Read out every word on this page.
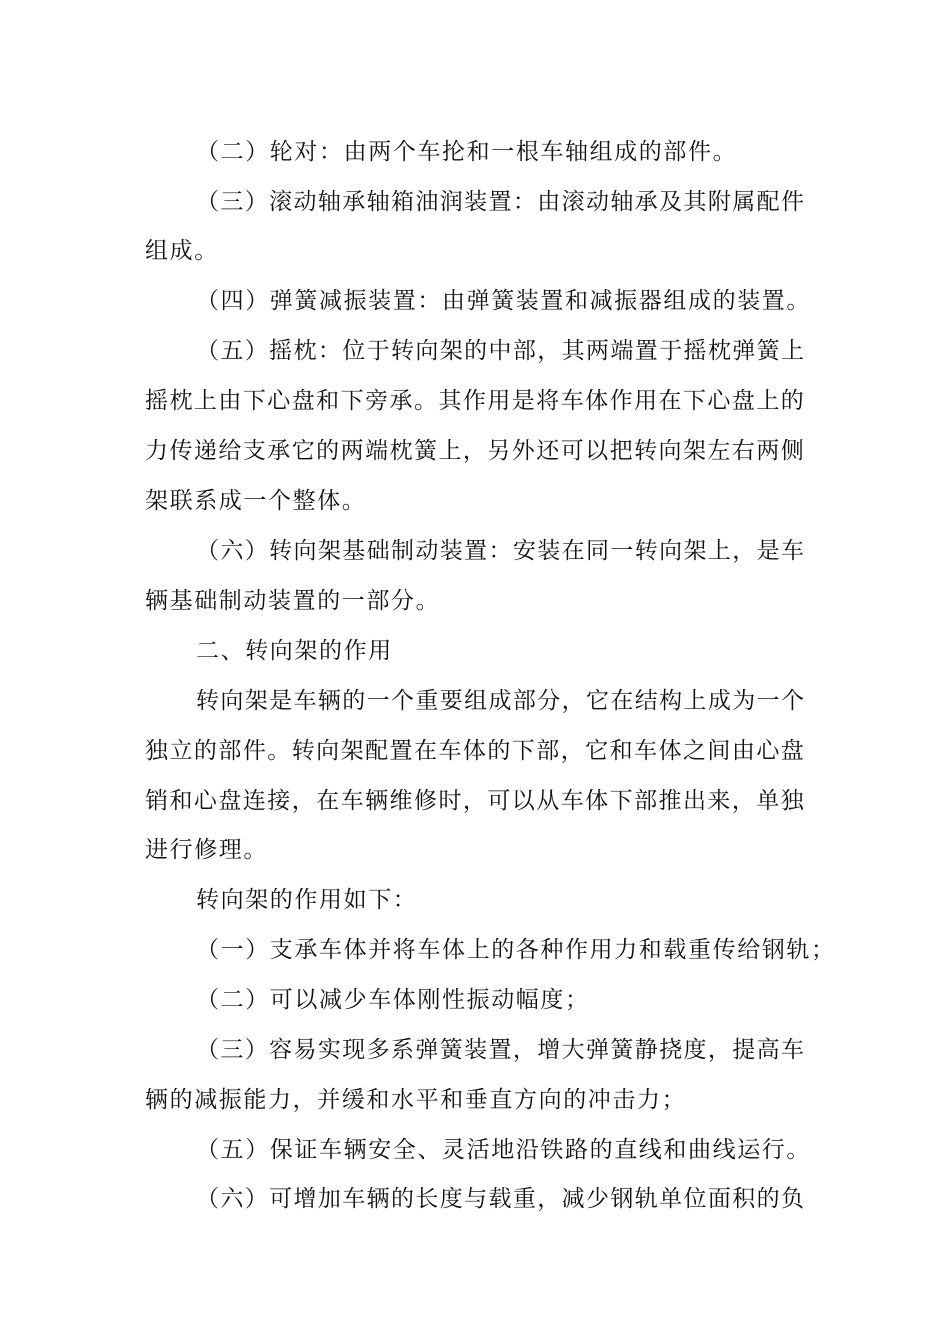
（二）轮对：由两个车抡和一根车轴组成的部件。
（ 三 ） 滚 动 轴 承 轴 箱 油 润 装 置 ： 由 滚 动 轴 承 及 其 附 属 配 件
组成。
（四）弹簧减振装置：由弹簧装置和减振器组成的装置。
（ 五 ） 摇 枕 ： 位 于 转 向 架 的 中 部 ， 其 两 端 置 于 摇 枕 弹 簧 上
摇 枕 上 由 下 心 盘 和 下 旁 承 。 其 作 用 是 将 车 体 作 用 在 下 心 盘 上 的
力 传 递 给 支 承 它 的 两 端 枕 簧 上 ， 另 外 还 可 以 把 转 向 架 左 右 两 侧
架联系成一个整体。
（ 六 ） 转 向 架 基 础 制 动 装 置 ： 安 装 在 同 一 转 向 架 上 ， 是 车
辆基础制动装置的一部分。
二、转向架的作用
转 向 架 是 车 辆 的 一 个 重 要 组 成 部 分 ， 它 在 结 构 上 成 为 一 个
独 立 的 部 件 。 转 向 架 配 置 在 车 体 的 下 部 ， 它 和 车 体 之 间 由 心 盘
销 和 心 盘 连 接 ， 在 车 辆 维 修 时 ， 可 以 从 车 体 下 部 推 出 来 ， 单 独
进行修理。
转向架的作用如下：
（一）支承车体并将车体上的各种作用力和载重传给钢轨；
（二）可以减少车体刚性振动幅度；
（ 三 ） 容 易 实 现 多 系 弹 簧 装 置 ， 增 大 弹 簧 静 挠 度 ， 提 高 车
辆的减振能力，并缓和水平和垂直方向的冲击力；
（五）保证车辆安全、灵活地沿铁路的直线和曲线运行。
（ 六 ） 可 增 加 车 辆 的 长 度 与 载 重 ， 减 少 钢 轨 单 位 面 积 的 负
